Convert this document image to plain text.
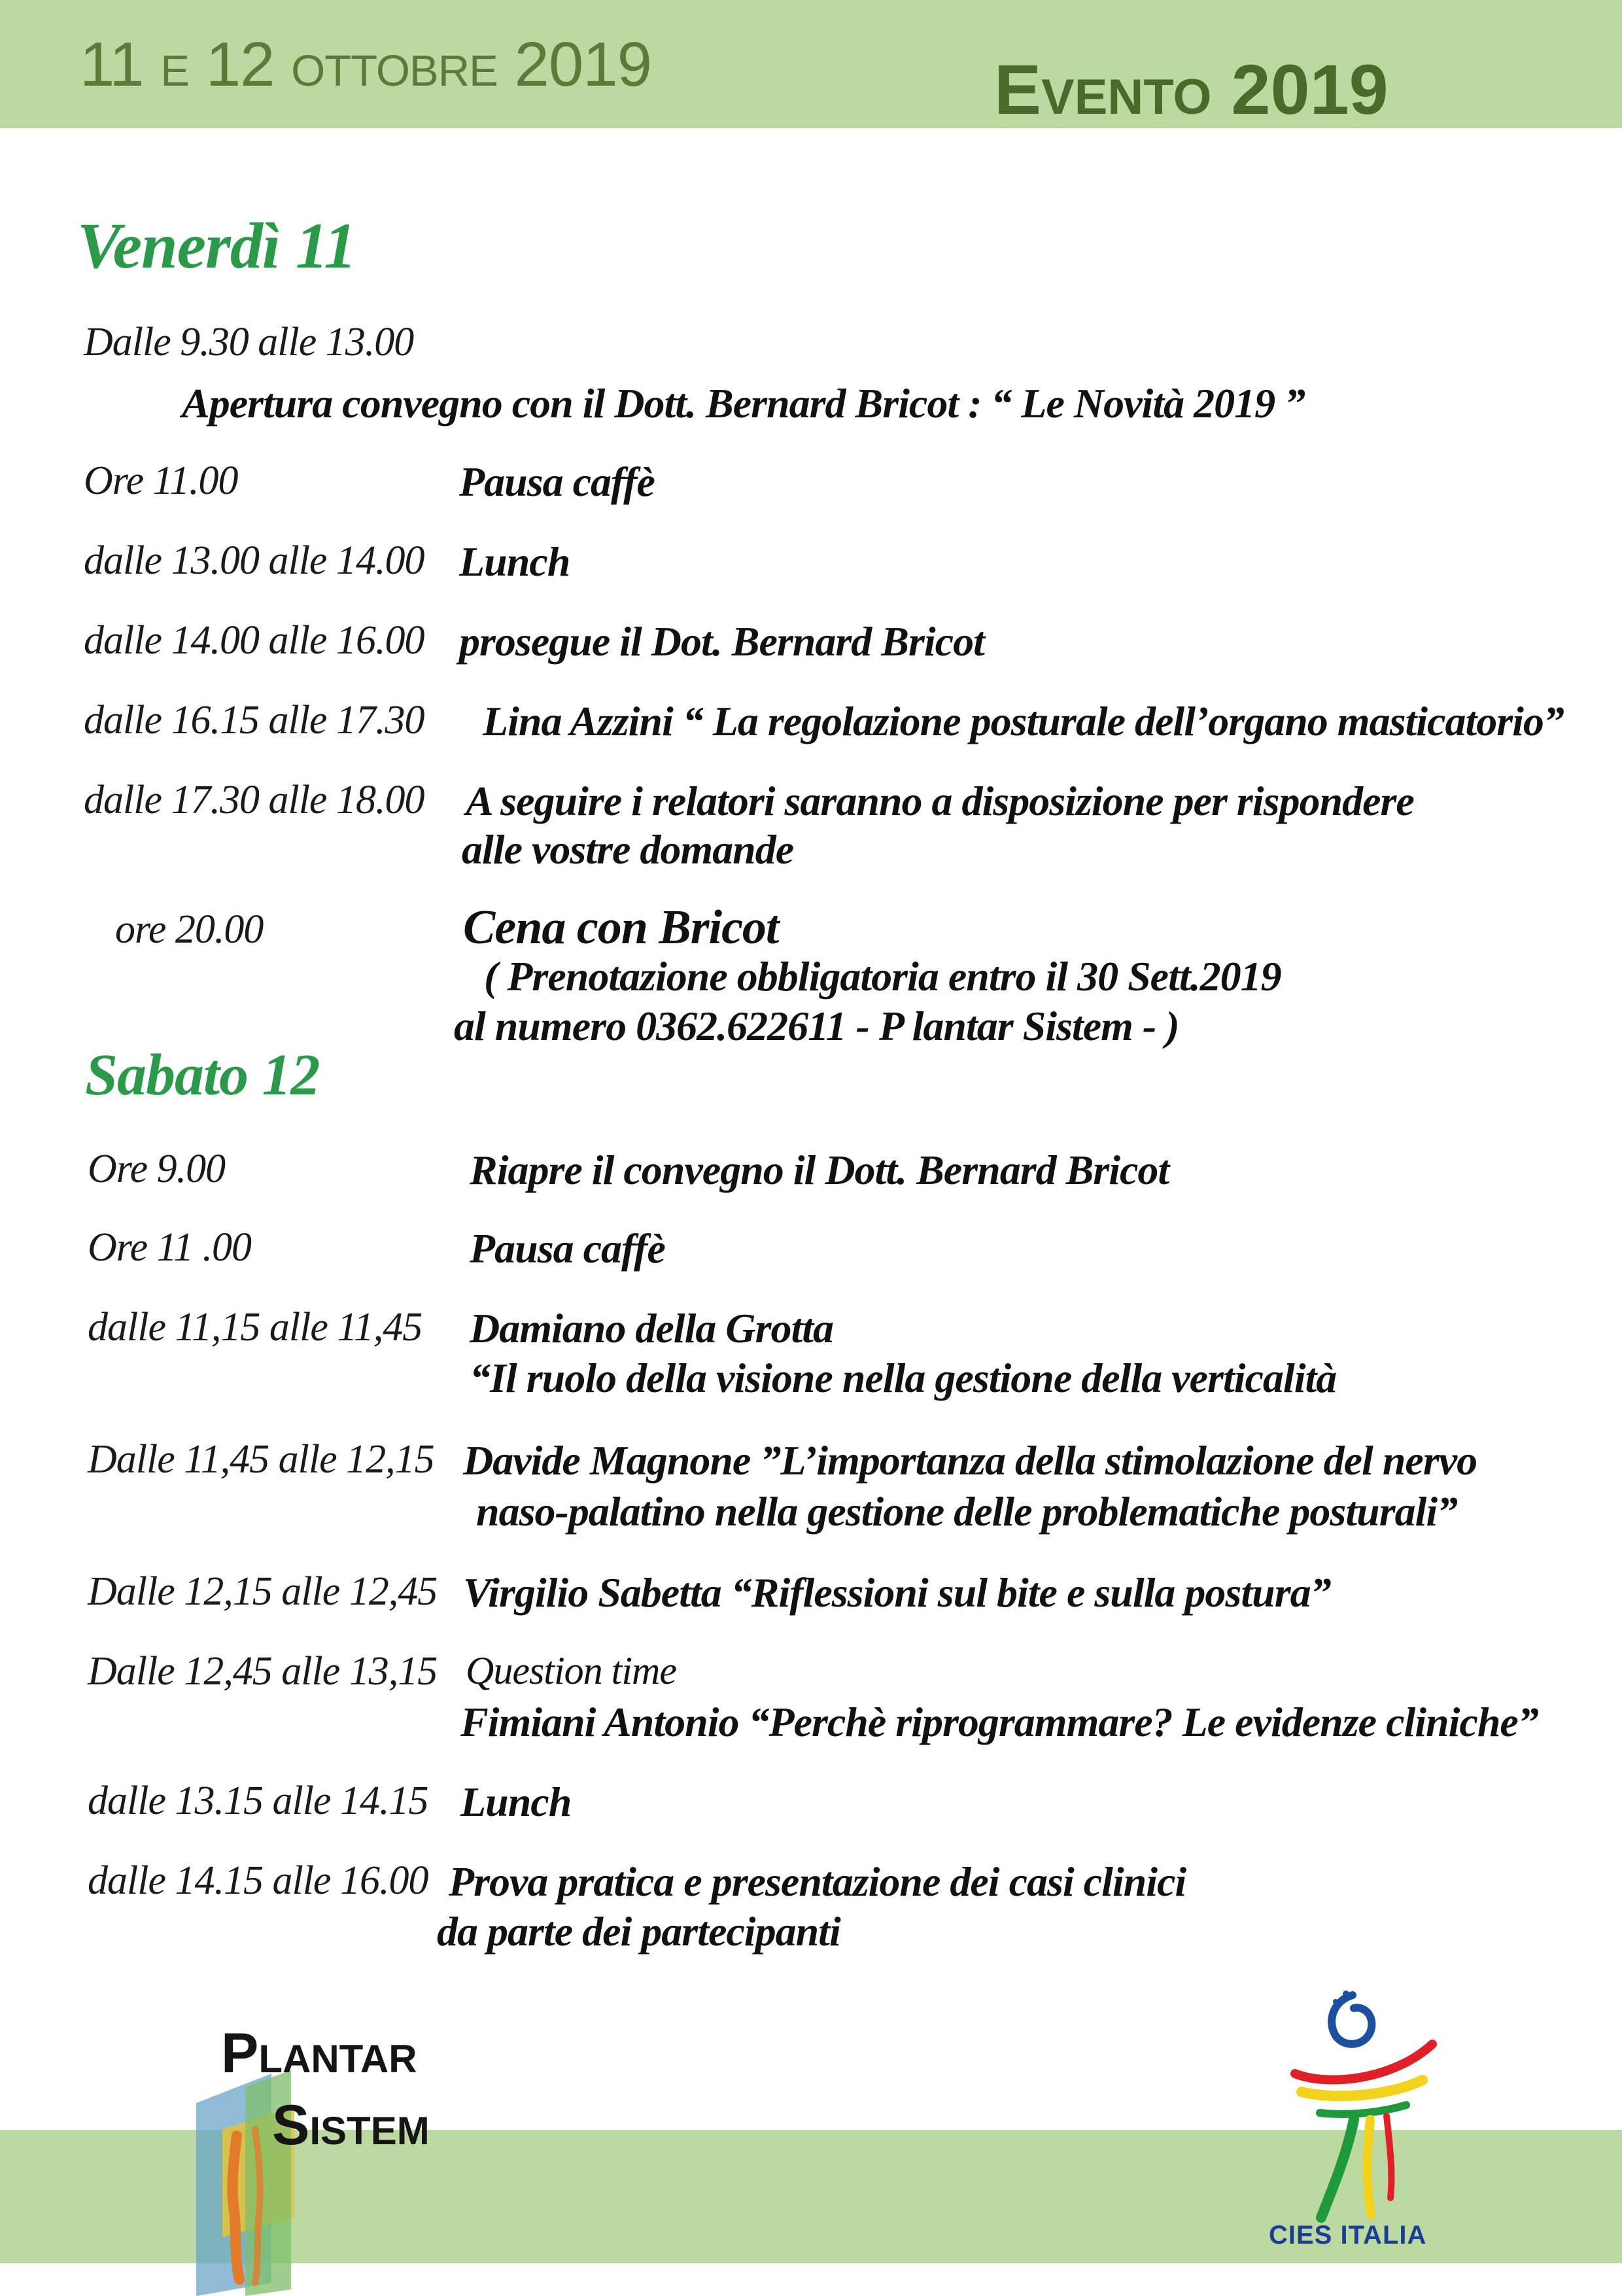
11 e 12 ottobre 2019	Evento 2019
Venerdì 11
Dalle 9.30 alle 13.00
Apertura convegno con il Dott. Bernard Bricot : “ Le Novità 2019 ”
Ore 11.00	Pausa caffè
dalle 13.00 alle 14.00 Lunch
dalle 14.00 alle 16.00 prosegue il Dot. Bernard Bricot
dalle 16.15 alle 17.30 Lina Azzini “ La regolazione posturale dell’organo masticatorio”
dalle 17.30 alle 18.00 A seguire i relatori saranno a disposizione per rispondere
alle vostre domande
ore 20.00	Cena con Bricot
( Prenotazione obbligatoria entro il 30 Sett.2019
al numero 0362.622611 - P lantar Sistem - )
Sabato 12
Ore 9.00	Riapre il convegno il Dott. Bernard Bricot
Ore 11 .00	Pausa caffè
dalle 11,15 alle 11,45 Damiano della Grotta
“Il ruolo della visione nella gestione della verticalità
Dalle 11,45 alle 12,15 Davide Magnone ”L’importanza della stimolazione del nervo
naso-palatino nella gestione delle problematiche posturali”
Dalle 12,15 alle 12,45 Virgilio Sabetta “Riflessioni sul bite e sulla postura”
Dalle 12,45 alle 13,15 Question time
Fimiani Antonio “Perchè riprogrammare? Le evidenze cliniche”
dalle 13.15 alle 14.15 Lunch
dalle 14.15 alle 16.00 Prova pratica e presentazione dei casi clinici
da parte dei partecipanti
Plantar
Sistem
CIES ITALIA
